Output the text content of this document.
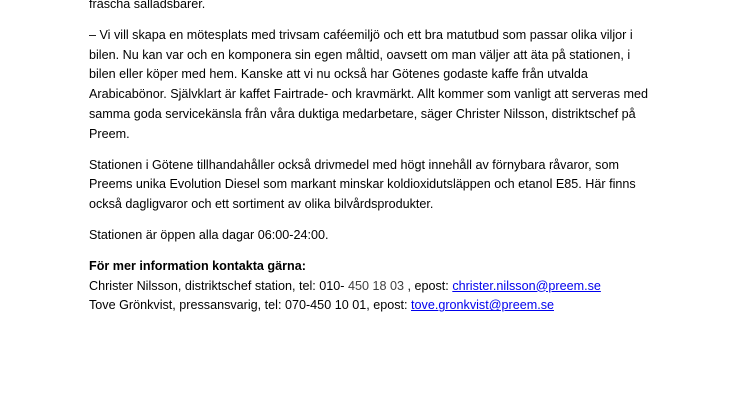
fräscha salladsbarer.

– Vi vill skapa en mötesplats med trivsam caféemiljö och ett bra matutbud som passar olika viljor i

bilen. Nu kan var och en komponera sin egen måltid, oavsett om man väljer att äta på stationen, i

bilen eller köper med hem. Kanske att vi nu också har Götenes godaste kaffe från utvalda

Arabicabönor. Självklart är kaffet Fairtrade- och kravmärkt. Allt kommer som vanligt att serveras med

samma goda servicekänsla från våra duktiga medarbetare, säger Christer Nilsson, distriktschef på

Preem.

Stationen i Götene tillhandahåller också drivmedel med högt innehåll av förnybara råvaror, som

Preems unika Evolution Diesel som markant minskar koldioxidutsläppen och etanol E85. Här finns

också dagligvaror och ett sortiment av olika bilvårdsprodukter.

Stationen är öppen alla dagar 06:00-24:00.

För mer information kontakta gärna:

Christer Nilsson, distriktschef station, tel: 010- 450 18 03 , epost: christer.nilsson@preem.se

Tove Grönkvist, pressansvarig, tel: 070-450 10 01, epost: tove.gronkvist@preem.se
